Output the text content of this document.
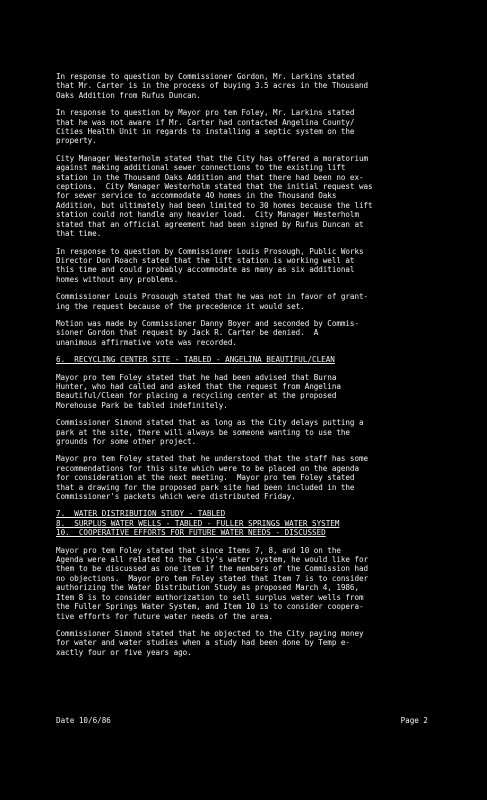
In response to question by Commissioner Gordon, Mr. Larkins stated
that Mr. Carter is in the process of buying 3.5 acres in the Thousand
Oaks Addition from Rufus Duncan.

In response to question by Mayor pro tem Foley, Mr. Larkins stated
that he was not aware if Mr. Carter had contacted Angelina County/
Cities Health Unit in regards to installing a septic system on the
property.

City Manager Westerholm stated that the City has offered a moratorium
against making additional sewer connections to the existing lift
station in the Thousand Oaks Addition and that there had been no ex-
ceptions.  City Manager Westerholm stated that the initial request was
for sewer service to accommodate 40 homes in the Thousand Oaks
Addition, but ultimately had been limited to 30 homes because the lift
station could not handle any heavier load.  City Manager Westerholm
stated that an official agreement had been signed by Rufus Duncan at
that time.

In response to question by Commissioner Louis Prosough, Public Works
Director Don Roach stated that the lift station is working well at
this time and could probably accommodate as many as six additional
homes without any problems.

Commissioner Louis Prosough stated that he was not in favor of grant-
ing the request because of the precedence it would set.

Motion was made by Commissioner Danny Boyer and seconded by Commis-
sioner Gordon that request by Jack R. Carter be denied.  A
unanimous affirmative vote was recorded.

6.  RECYCLING CENTER SITE - TABLED - ANGELINA BEAUTIFUL/CLEAN

Mayor pro tem Foley stated that he had been advised that Burna
Hunter, who had called and asked that the request from Angelina
Beautiful/Clean for placing a recycling center at the proposed
Morehouse Park be tabled indefinitely.

Commissioner Simond stated that as long as the City delays putting a
park at the site, there will always be someone wanting to use the
grounds for some other project.

Mayor pro tem Foley stated that he understood that the staff has some
recommendations for this site which were to be placed on the agenda
for consideration at the next meeting.  Mayor pro tem Foley stated
that a drawing for the proposed park site had been included in the
Commissioner's packets which were distributed Friday.

7.  WATER DISTRIBUTION STUDY - TABLED

8.  SURPLUS WATER WELLS - TABLED - FULLER SPRINGS WATER SYSTEM

10.  COOPERATIVE EFFORTS FOR FUTURE WATER NEEDS - DISCUSSED

Mayor pro tem Foley stated that since Items 7, 8, and 10 on the
Agenda were all related to the City's water system, he would like for
them to be discussed as one item if the members of the Commission had
no objections.  Mayor pro tem Foley stated that Item 7 is to consider
authorizing the Water Distribution Study as proposed March 4, 1986,
Item 8 is to consider authorization to sell surplus water wells from
the Fuller Springs Water System, and Item 10 is to consider coopera-
tive efforts for future water needs of the area.

Commissioner Simond stated that he objected to the City paying money
for water and water studies when a study had been done by Temp e-
xactly four or five years ago.

Date 10/6/86	Page 2
